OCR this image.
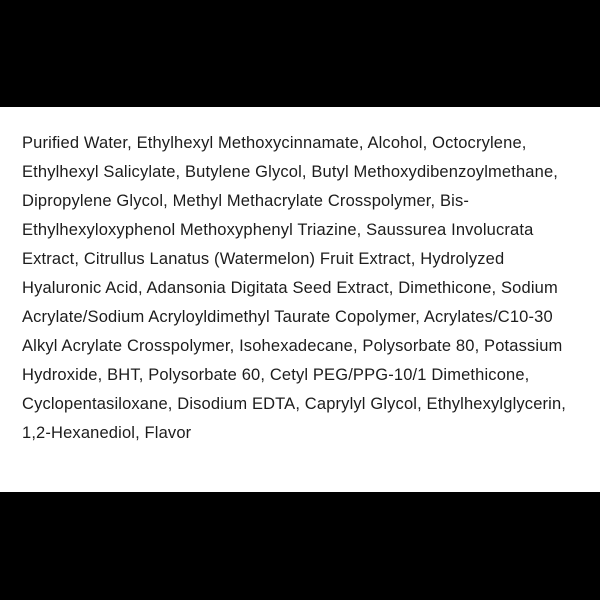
Purified Water, Ethylhexyl Methoxycinnamate, Alcohol, Octocrylene, Ethylhexyl Salicylate, Butylene Glycol, Butyl Methoxydibenzoylmethane, Dipropylene Glycol, Methyl Methacrylate Crosspolymer, Bis-Ethylhexyloxyphenol Methoxyphenyl Triazine, Saussurea Involucrata Extract, Citrullus Lanatus (Watermelon) Fruit Extract, Hydrolyzed Hyaluronic Acid, Adansonia Digitata Seed Extract, Dimethicone, Sodium Acrylate/Sodium Acryloyldimethyl Taurate Copolymer, Acrylates/C10-30 Alkyl Acrylate Crosspolymer, Isohexadecane, Polysorbate 80, Potassium Hydroxide, BHT, Polysorbate 60, Cetyl PEG/PPG-10/1 Dimethicone, Cyclopentasiloxane, Disodium EDTA, Caprylyl Glycol, Ethylhexylglycerin, 1,2-Hexanediol, Flavor
